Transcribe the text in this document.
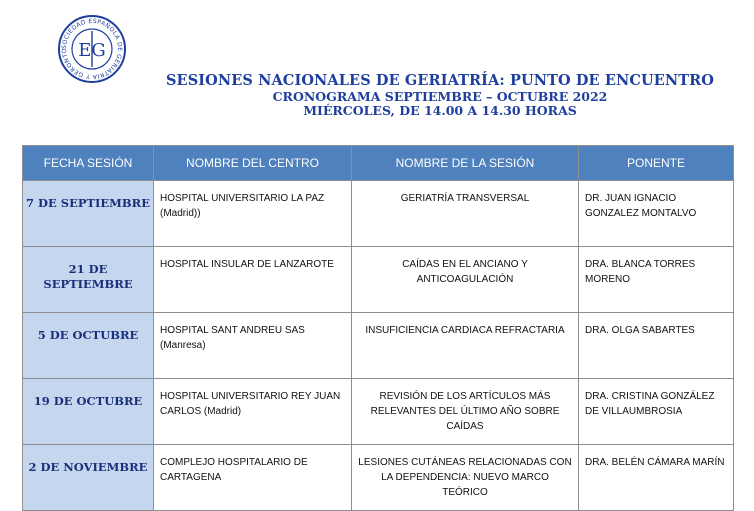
SOCIEDAD ESPAÑOLA DE GERIATRÍA Y GERONTO EG
SESIONES NACIONALES DE GERIATRÍA: PUNTO DE ENCUENTRO
CRONOGRAMA SEPTIEMBRE – OCTUBRE 2022
MIÉRCOLES, DE 14.00 A 14.30 HORAS
FECHA SESIÓN	NOMBRE DEL CENTRO	NOMBRE DE LA SESIÓN	PONENTE
7 DE SEPTIEMBRE	HOSPITAL UNIVERSITARIO LA PAZ (Madrid))	GERIATRÍA TRANSVERSAL	DR. JUAN IGNACIO GONZALEZ MONTALVO
21 DE SEPTIEMBRE	HOSPITAL INSULAR DE LANZAROTE	CAÍDAS EN EL ANCIANO Y ANTICOAGULACIÓN	DRA. BLANCA TORRES MORENO
5 DE OCTUBRE	HOSPITAL SANT ANDREU SAS (Manresa)	INSUFICIENCIA CARDIACA REFRACTARIA	DRA. OLGA SABARTES
19 DE OCTUBRE	HOSPITAL UNIVERSITARIO REY JUAN CARLOS (Madrid)	REVISIÓN DE LOS ARTÍCULOS MÁS RELEVANTES DEL ÚLTIMO AÑO SOBRE CAÍDAS	DRA. CRISTINA GONZÁLEZ DE VILLAUMBROSIA
2 DE NOVIEMBRE	COMPLEJO HOSPITALARIO DE CARTAGENA	LESIONES CUTÁNEAS RELACIONADAS CON LA DEPENDENCIA: NUEVO MARCO TEÓRICO	DRA. BELÉN CÁMARA MARÍN
